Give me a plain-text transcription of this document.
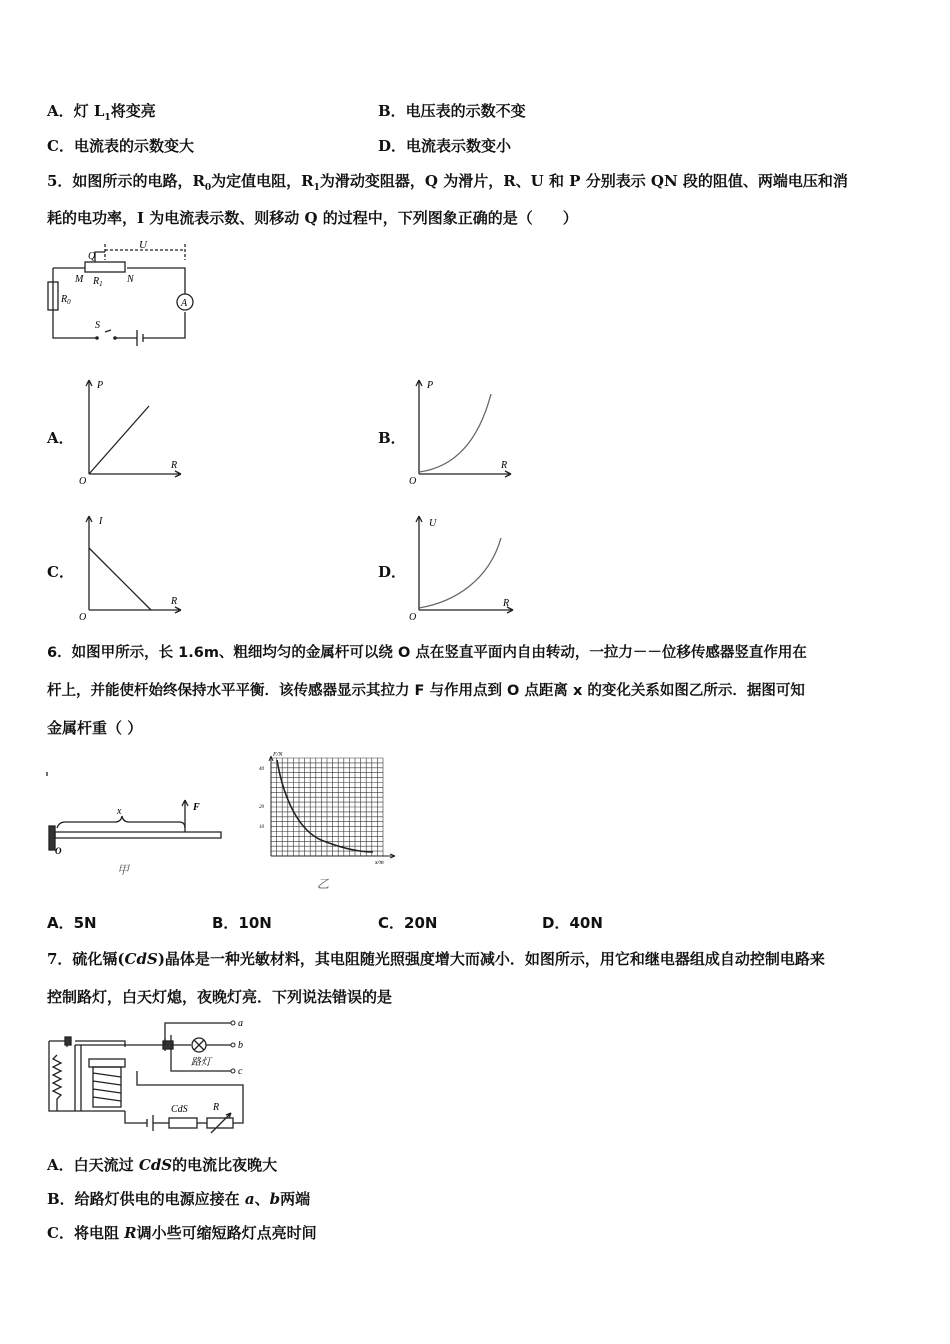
A．灯 $L_1$将变亮	B．电压表的示数不变
C．电流表的示数变大	D．电流表示数变小
5．如图所示的电路，$R_0$为定值电阻，$R_1$为滑动变阻器，Q 为滑片，R、U 和 P 分别表示 QN 段的阻值、两端电压和消
耗的电功率，I 为电流表示数、则移动 Q 的过程中，下列图象正确的是（　　）
Q
U
M $R_1$ N
$R_0$
S
A
A．
P
R
O
B．
P
R
O
C．
I
R
O
D．
U
R
O
6．如图甲所示，长 1.6m、粗细均匀的金属杆可以绕 O 点在竖直平面内自由转动，一拉力－－位移传感器竖直作用在
杆上，并能使杆始终保持水平平衡．该传感器显示其拉力 F 与作用点到 O 点距离 x 的变化关系如图乙所示．据图可知
金属杆重（ ）
x	F
O
甲
F/N
40
20
10
x/m
乙
A．5N	B．10N	C．20N	D．40N
7．硫化镉(CdS)晶体是一种光敏材料，其电阻随光照强度增大而减小．如图所示，用它和继电器组成自动控制电路来
控制路灯，白天灯熄，夜晚灯亮．下列说法错误的是
a
b
c
路灯
CdS	R
A．白天流过 CdS的电流比夜晚大
B．给路灯供电的电源应接在 a、b两端
C．将电阻 R调小些可缩短路灯点亮时间
